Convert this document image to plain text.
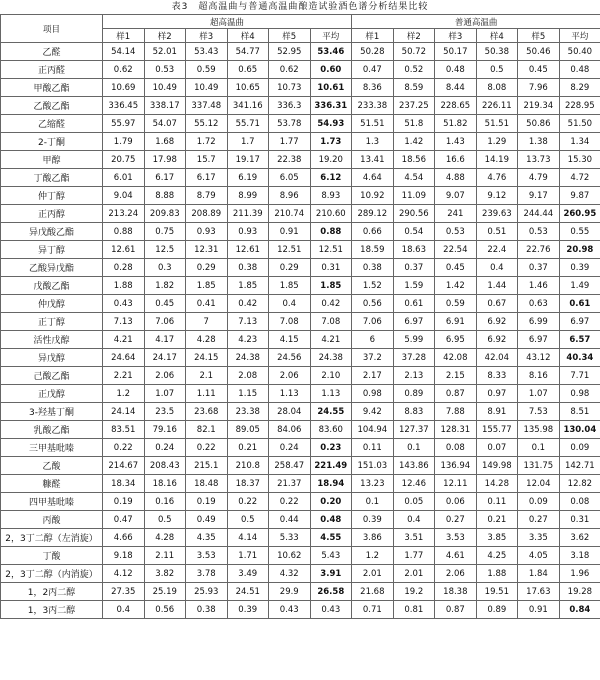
表3　超高温曲与普通高温曲酿造试验酒色谱分析结果比较
项目	超高温曲						普通高温曲					
	样1	样2	样3	样4	样5	平均	样1	样2	样3	样4	样5	平均
乙醛	54.14	52.01	53.43	54.77	52.95	53.46	50.28	50.72	50.17	50.38	50.46	50.40
正丙醛	0.62	0.53	0.59	0.65	0.62	0.60	0.47	0.52	0.48	0.5	0.45	0.48
甲酸乙酯	10.69	10.49	10.49	10.65	10.73	10.61	8.36	8.59	8.44	8.08	7.96	8.29
乙酸乙酯	336.45	338.17	337.48	341.16	336.3	336.31	233.38	237.25	228.65	226.11	219.34	228.95
乙缩醛	55.97	54.07	55.12	55.71	53.78	54.93	51.51	51.8	51.82	51.51	50.86	51.50
2-丁酮	1.79	1.68	1.72	1.7	1.77	1.73	1.3	1.42	1.43	1.29	1.38	1.34
甲醇	20.75	17.98	15.7	19.17	22.38	19.20	13.41	18.56	16.6	14.19	13.73	15.30
丁酸乙酯	6.01	6.17	6.17	6.19	6.05	6.12	4.64	4.54	4.88	4.76	4.79	4.72
仲丁醇	9.04	8.88	8.79	8.99	8.96	8.93	10.92	11.09	9.07	9.12	9.17	9.87
正丙醇	213.24	209.83	208.89	211.39	210.74	210.60	289.12	290.56	241	239.63	244.44	260.95
异戊酸乙酯	0.88	0.75	0.93	0.93	0.91	0.88	0.66	0.54	0.53	0.51	0.53	0.55
异丁醇	12.61	12.5	12.31	12.61	12.51	12.51	18.59	18.63	22.54	22.4	22.76	20.98
乙酸异戊酯	0.28	0.3	0.29	0.38	0.29	0.31	0.38	0.37	0.45	0.4	0.37	0.39
戊酸乙酯	1.88	1.82	1.85	1.85	1.85	1.85	1.52	1.59	1.42	1.44	1.46	1.49
仲戊醇	0.43	0.45	0.41	0.42	0.4	0.42	0.56	0.61	0.59	0.67	0.63	0.61
正丁醇	7.13	7.06	7	7.13	7.08	7.08	7.06	6.97	6.91	6.92	6.99	6.97
活性戊醇	4.21	4.17	4.28	4.23	4.15	4.21	6	5.99	6.95	6.92	6.97	6.57
异戊醇	24.64	24.17	24.15	24.38	24.56	24.38	37.2	37.28	42.08	42.04	43.12	40.34
己酸乙酯	2.21	2.06	2.1	2.08	2.06	2.10	2.17	2.13	2.15	8.33	8.16	7.71
正戊醇	1.2	1.07	1.11	1.15	1.13	1.13	0.98	0.89	0.87	0.97	1.07	0.98
3-羟基丁酮	24.14	23.5	23.68	23.38	28.04	24.55	9.42	8.83	7.88	8.91	7.53	8.51
乳酸乙酯	83.51	79.16	82.1	89.05	84.06	83.60	104.94	127.37	128.31	155.77	135.98	130.04
三甲基吡嗪	0.22	0.24	0.22	0.21	0.24	0.23	0.11	0.1	0.08	0.07	0.1	0.09
乙酸	214.67	208.43	215.1	210.8	258.47	221.49	151.03	143.86	136.94	149.98	131.75	142.71
糠醛	18.34	18.16	18.48	18.37	21.37	18.94	13.23	12.46	12.11	14.28	12.04	12.82
四甲基吡嗪	0.19	0.16	0.19	0.22	0.22	0.20	0.1	0.05	0.06	0.11	0.09	0.08
丙酸	0.47	0.5	0.49	0.5	0.44	0.48	0.39	0.4	0.27	0.21	0.27	0.31
2，3丁二醇（左消旋）	4.66	4.28	4.35	4.14	5.33	4.55	3.86	3.51	3.53	3.85	3.35	3.62
丁酸	9.18	2.11	3.53	1.71	10.62	5.43	1.2	1.77	4.61	4.25	4.05	3.18
2，3丁二醇（内消旋）	4.12	3.82	3.78	3.49	4.32	3.91	2.01	2.01	2.06	1.88	1.84	1.96
1，2丙二醇	27.35	25.19	25.93	24.51	29.9	26.58	21.68	19.2	18.38	19.51	17.63	19.28
1，3丙二醇	0.4	0.56	0.38	0.39	0.43	0.43	0.71	0.81	0.87	0.89	0.91	0.84
